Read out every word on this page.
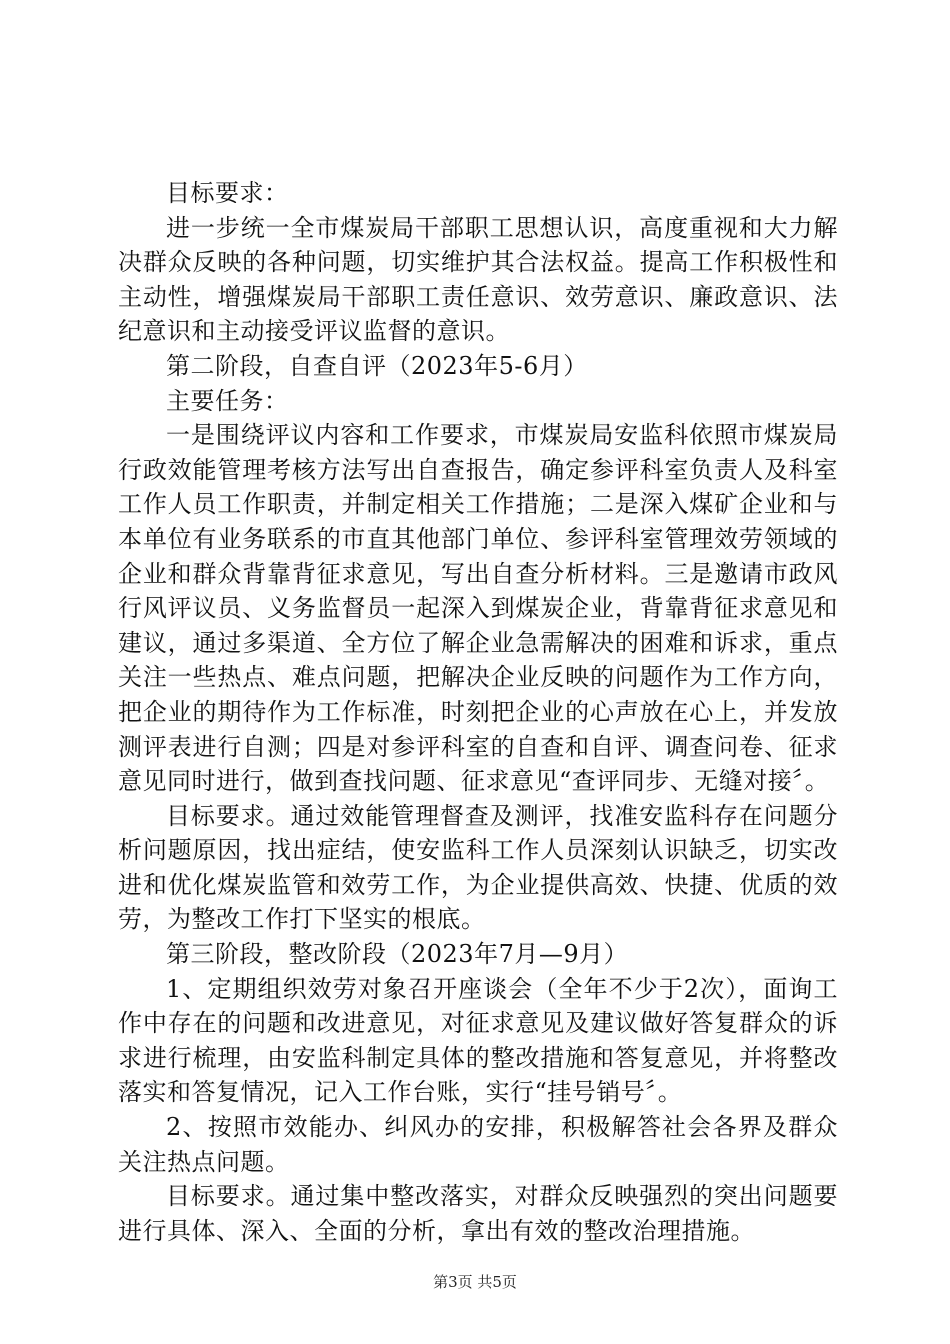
目标要求：

进一步统一全市煤炭局干部职工思想认识，高度重视和大力解决群众反映的各种问题，切实维护其合法权益。提高工作积极性和主动性，增强煤炭局干部职工责任意识、效劳意识、廉政意识、法纪意识和主动接受评议监督的意识。

第二阶段，自查自评（2023年5-6月）

主要任务：

一是围绕评议内容和工作要求，市煤炭局安监科依照市煤炭局行政效能管理考核方法写出自查报告，确定参评科室负责人及科室工作人员工作职责，并制定相关工作措施；二是深入煤矿企业和与本单位有业务联系的市直其他部门单位、参评科室管理效劳领域的企业和群众背靠背征求意见，写出自查分析材料。三是邀请市政风行风评议员、义务监督员一起深入到煤炭企业，背靠背征求意见和建议，通过多渠道、全方位了解企业急需解决的困难和诉求，重点关注一些热点、难点问题，把解决企业反映的问题作为工作方向，把企业的期待作为工作标准，时刻把企业的心声放在心上，并发放测评表进行自测；四是对参评科室的自查和自评、调查问卷、征求意见同时进行，做到查找问题、征求意见“查评同步、无缝对接〞。

目标要求。通过效能管理督查及测评，找准安监科存在问题分析问题原因，找出症结，使安监科工作人员深刻认识缺乏，切实改进和优化煤炭监管和效劳工作，为企业提供高效、快捷、优质的效劳，为整改工作打下坚实的根底。

第三阶段，整改阶段（2023年7月—9月）

1、定期组织效劳对象召开座谈会（全年不少于2次），面询工作中存在的问题和改进意见，对征求意见及建议做好答复群众的诉求进行梳理，由安监科制定具体的整改措施和答复意见，并将整改落实和答复情况，记入工作台账，实行“挂号销号〞。

2、按照市效能办、纠风办的安排，积极解答社会各界及群众关注热点问题。

目标要求。通过集中整改落实，对群众反映强烈的突出问题要进行具体、深入、全面的分析，拿出有效的整改治理措施。

第3页 共5页
